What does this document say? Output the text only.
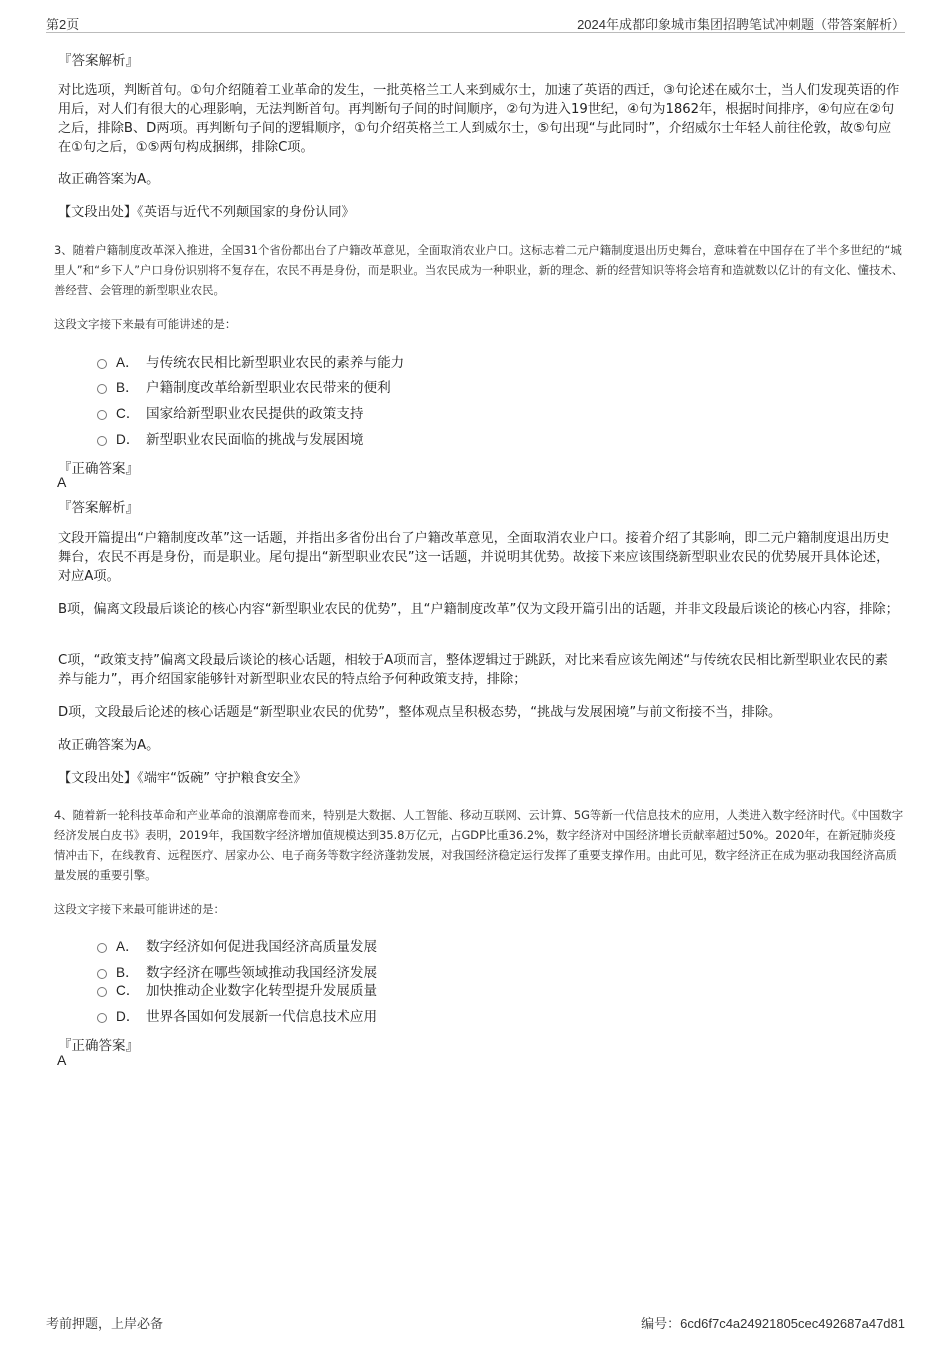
第2页	2024年成都印象城市集团招聘笔试冲刺题（带答案解析）
『答案解析』
对比选项，判断首句。①句介绍随着工业革命的发生，一批英格兰工人来到威尔士，加速了英语的西迁，③句论述在威尔士，当人们发现英语的作用后，对人们有很大的心理影响，无法判断首句。再判断句子间的时间顺序，②句为进入19世纪，④句为1862年，根据时间排序，④句应在②句之后，排除B、D两项。再判断句子间的逻辑顺序，①句介绍英格兰工人到威尔士，⑤句出现“与此同时”，介绍威尔士年轻人前往伦敦，故⑤句应在①句之后，①⑤两句构成捆绑，排除C项。
故正确答案为A。
【文段出处】《英语与近代不列颠国家的身份认同》
3、随着户籍制度改革深入推进，全国31个省份都出台了户籍改革意见，全面取消农业户口。这标志着二元户籍制度退出历史舞台，意味着在中国存在了半个多世纪的“城里人”和“乡下人”户口身份识别将不复存在，农民不再是身份，而是职业。当农民成为一种职业，新的理念、新的经营知识等将会培育和造就数以亿计的有文化、懂技术、善经营、会管理的新型职业农民。
这段文字接下来最有可能讲述的是：
A． 与传统农民相比新型职业农民的素养与能力
B． 户籍制度改革给新型职业农民带来的便利
C． 国家给新型职业农民提供的政策支持
D． 新型职业农民面临的挑战与发展困境
『正确答案』
A
『答案解析』
文段开篇提出“户籍制度改革”这一话题，并指出多省份出台了户籍改革意见，全面取消农业户口。接着介绍了其影响，即二元户籍制度退出历史舞台，农民不再是身份，而是职业。尾句提出“新型职业农民”这一话题，并说明其优势。故接下来应该围绕新型职业农民的优势展开具体论述，对应A项。
B项，偏离文段最后谈论的核心内容“新型职业农民的优势”，且“户籍制度改革”仅为文段开篇引出的话题，并非文段最后谈论的核心内容，排除；
C项，“政策支持”偏离文段最后谈论的核心话题，相较于A项而言，整体逻辑过于跳跃，对比来看应该先阐述“与传统农民相比新型职业农民的素养与能力”，再介绍国家能够针对新型职业农民的特点给予何种政策支持，排除；
D项，文段最后论述的核心话题是“新型职业农民的优势”，整体观点呈积极态势，“挑战与发展困境”与前文衔接不当，排除。
故正确答案为A。
【文段出处】《端牢“饭碗” 守护粮食安全》
4、随着新一轮科技革命和产业革命的浪潮席卷而来，特别是大数据、人工智能、移动互联网、云计算、5G等新一代信息技术的应用，人类进入数字经济时代。《中国数字经济发展白皮书》表明，2019年，我国数字经济增加值规模达到35.8万亿元，占GDP比重36.2%，数字经济对中国经济增长贡献率超过50%。2020年，在新冠肺炎疫情冲击下，在线教育、远程医疗、居家办公、电子商务等数字经济蓬勃发展，对我国经济稳定运行发挥了重要支撑作用。由此可见，数字经济正在成为驱动我国经济高质量发展的重要引擎。
这段文字接下来最可能讲述的是：
A． 数字经济如何促进我国经济高质量发展
B． 数字经济在哪些领域推动我国经济发展
C． 加快推动企业数字化转型提升发展质量
D． 世界各国如何发展新一代信息技术应用
『正确答案』
A
考前押题，上岸必备	编号：6cd6f7c4a24921805cec492687a47d81
